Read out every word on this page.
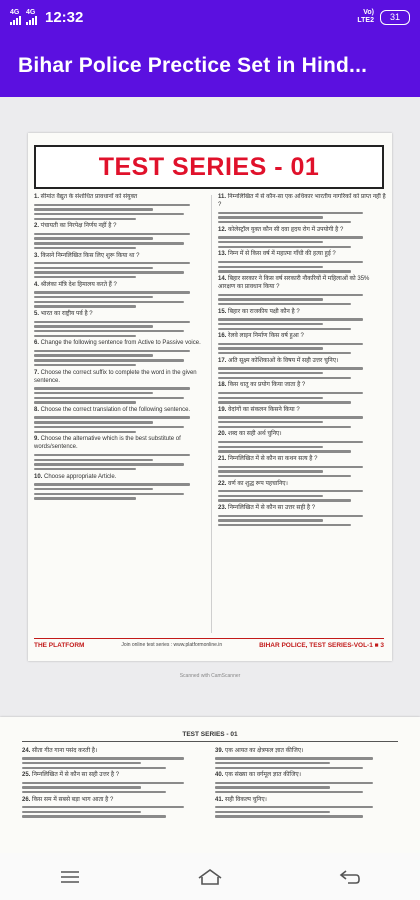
4G 4G 12:32	Vo)
LTE2	31
Bihar Police Prectice Set in Hind...
TEST SERIES - 01
1. सीमांत वैद्युत के संशोधित प्रावधानों को संयुक्त
2. पंचायती का निरपेक्ष निर्णय नहीं है ?
3. किसने निम्नलिखित किस लिए शुरू किया था ?
4. श्रीलंका मंत्रि देश हिमालय करते हैं ?
5. भारत का राष्ट्रीय पर्व है ?
6. Change the following sentence from Active to Passive voice.
7. Choose the correct suffix to complete the word in the given sentence.
8. Choose the correct translation of the following sentence.
9. Choose the alternative which is the best substitute of words/sentence.
10. Choose appropriate Article.
11. निम्नलिखित में से कौन-सा एक अधिकार भारतीय नागरिकों को प्राप्त नहीं है ?
12. कोलेस्ट्रॉल युक्त कौन सी दवा हृदय रोग में उपयोगी है ?
13. निम्न में से किस वर्ष में महात्मा गाँधी की हत्या हुई ?
14. बिहार सरकार ने किस वर्ष सरकारी नौकरियों में महिलाओं को 35% आरक्षण का प्रावधान किया ?
15. बिहार का राजकीय पक्षी कौन है ?
16. रेलवे लाइन निर्माण किस वर्ष हुआ ?
17. अति सूक्ष्म कोशिकाओं के विषय में सही उत्तर चुनिए।
18. किस धातु का प्रयोग किया जाता है ?
19. वेदांगों का संकलन किसने किया ?
20. शब्द का सही अर्थ चुनिए।
21. निम्नलिखित में से कौन सा कथन सत्य है ?
22. वर्ण का शुद्ध रूप पहचानिए।
23. निम्नलिखित में से कौन सा उत्तर सही है ?
THE PLATFORM	Join online test series : www.platformonline.in	BIHAR POLICE, TEST SERIES-VOL-1 ■ 3
Scanned with CamScanner
TEST SERIES - 01
24. सीता गीत गाना पसंद करती है।
25. निम्नलिखित में से कौन सा सही उत्तर है ?
26. किस सम में सबसे बड़ा भाग आता है ?
39. एक आयत का क्षेत्रफल ज्ञात कीजिए।
40. एक संख्या का वर्गमूल ज्ञात कीजिए।
41. सही विकल्प चुनिए।
